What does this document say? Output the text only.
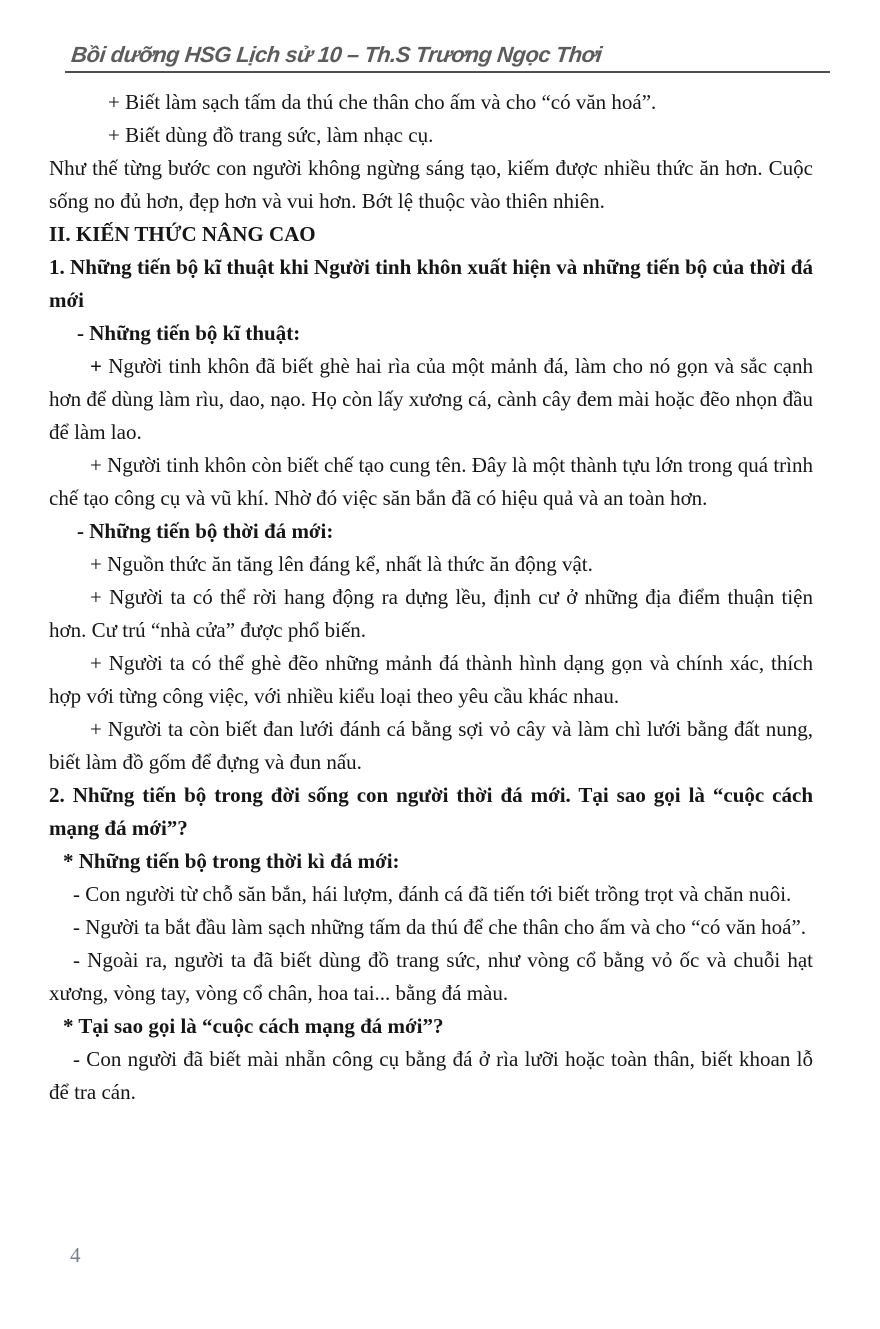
Bồi dưỡng HSG Lịch sử 10 – Th.S Trương Ngọc Thơi

+ Biết làm sạch tấm da thú che thân cho ấm và cho “có văn hoá”.

+ Biết dùng đồ trang sức, làm nhạc cụ.

Như thế từng bước con người không ngừng sáng tạo, kiếm được nhiều thức ăn hơn. Cuộc sống no đủ hơn, đẹp hơn và vui hơn. Bớt lệ thuộc vào thiên nhiên.

II. KIẾN THỨC NÂNG CAO

1. Những tiến bộ kĩ thuật khi Người tinh khôn xuất hiện và những tiến bộ của thời đá mới

- Những tiến bộ kĩ thuật:

+ Người tinh khôn đã biết ghè hai rìa của một mảnh đá, làm cho nó gọn và sắc cạnh hơn để dùng làm rìu, dao, nạo. Họ còn lấy xương cá, cành cây đem mài hoặc đẽo nhọn đầu để làm lao.

+ Người tinh khôn còn biết chế tạo cung tên. Đây là một thành tựu lớn trong quá trình chế tạo công cụ và vũ khí. Nhờ đó việc săn bắn đã có hiệu quả và an toàn hơn.

- Những tiến bộ thời đá mới:

+ Nguồn thức ăn tăng lên đáng kể, nhất là thức ăn động vật.

+ Người ta có thể rời hang động ra dựng lều, định cư ở những địa điểm thuận tiện hơn. Cư trú “nhà cửa” được phổ biến.

+ Người ta có thể ghè đẽo những mảnh đá thành hình dạng gọn và chính xác, thích hợp với từng công việc, với nhiều kiểu loại theo yêu cầu khác nhau.

+ Người ta còn biết đan lưới đánh cá bằng sợi vỏ cây và làm chì lưới bằng đất nung, biết làm đồ gốm để đựng và đun nấu.

2. Những tiến bộ trong đời sống con người thời đá mới. Tại sao gọi là “cuộc cách mạng đá mới”?

* Những tiến bộ trong thời kì đá mới:

- Con người từ chỗ săn bắn, hái lượm, đánh cá đã tiến tới biết trồng trọt và chăn nuôi.

- Người ta bắt đầu làm sạch những tấm da thú để che thân cho ấm và cho “có văn hoá”.

- Ngoài ra, người ta đã biết dùng đồ trang sức, như vòng cổ bằng vỏ ốc và chuỗi hạt xương, vòng tay, vòng cổ chân, hoa tai... bằng đá màu.

* Tại sao gọi là “cuộc cách mạng đá mới”?

- Con người đã biết mài nhẵn công cụ bằng đá ở rìa lưỡi hoặc toàn thân, biết khoan lỗ để tra cán.

4
